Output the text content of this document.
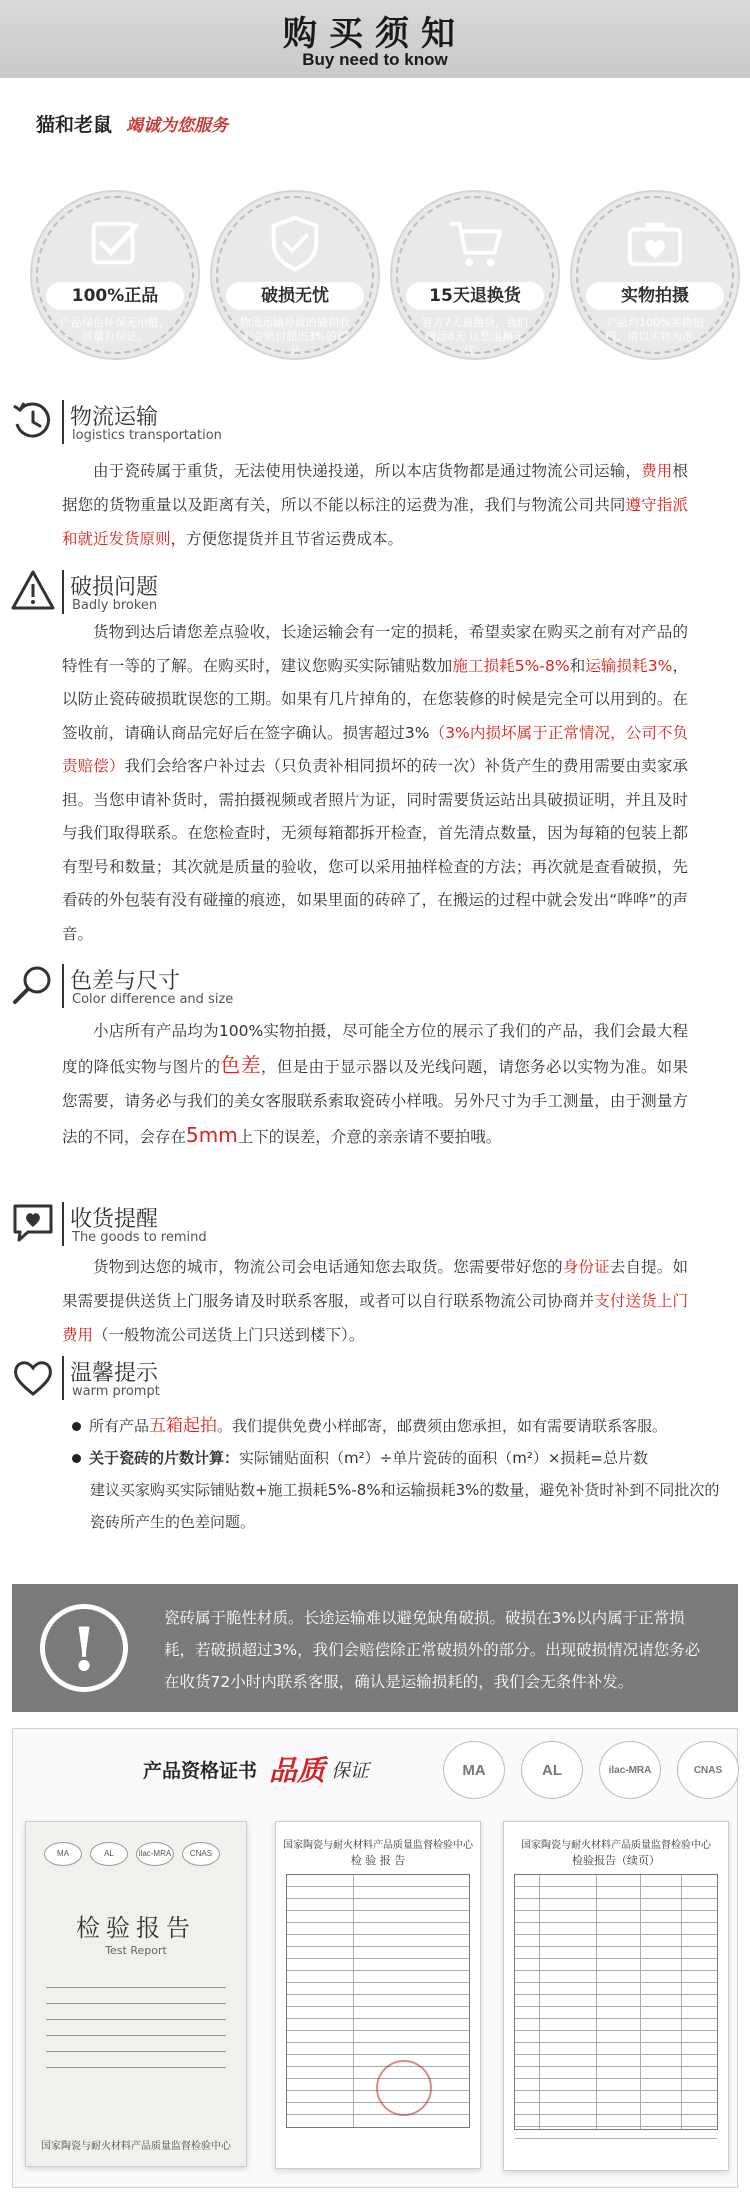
购买须知
Buy need to know
猫和老鼠 竭诚为您服务
100%正品
产品绿色环保无甲醛，质量有保证。
破损无忧
物流运输导致的破损我们会赔付超出3%的部分
15天退换货
官方7天退换货，我们增添8天 让您退换无忧。
实物拍摄
产品均100%实物拍摄，请以实物为准。
物流运输
logistics transportation
由于瓷砖属于重货，无法使用快递投递，所以本店货物都是通过物流公司运输，费用根据您的货物重量以及距离有关，所以不能以标注的运费为准，我们与物流公司共同遵守指派和就近发货原则，方便您提货并且节省运费成本。
破损问题
Badly broken
货物到达后请您差点验收，长途运输会有一定的损耗，希望卖家在购买之前有对产品的特性有一等的了解。在购买时，建议您购买实际铺贴数加施工损耗5%-8%和运输损耗3%，以防止瓷砖破损耽误您的工期。如果有几片掉角的，在您装修的时候是完全可以用到的。在签收前，请确认商品完好后在签字确认。损害超过3%（3%内损坏属于正常情况，公司不负责赔偿）我们会给客户补过去（只负责补相同损坏的砖一次）补货产生的费用需要由卖家承担。当您申请补货时，需拍摄视频或者照片为证，同时需要货运站出具破损证明，并且及时与我们取得联系。在您检查时，无须每箱都拆开检查，首先清点数量，因为每箱的包装上都有型号和数量；其次就是质量的验收，您可以采用抽样检查的方法；再次就是查看破损，先看砖的外包装有没有碰撞的痕迹，如果里面的砖碎了，在搬运的过程中就会发出“哗哗”的声音。
色差与尺寸
Color difference and size
小店所有产品均为100%实物拍摄，尽可能全方位的展示了我们的产品，我们会最大程度的降低实物与图片的色差，但是由于显示器以及光线问题，请您务必以实物为准。如果您需要，请务必与我们的美女客服联系索取瓷砖小样哦。另外尺寸为手工测量，由于测量方法的不同，会存在5mm上下的误差，介意的亲亲请不要拍哦。
收货提醒
The goods to remind
货物到达您的城市，物流公司会电话通知您去取货。您需要带好您的身份证去自提。如果需要提供送货上门服务请及时联系客服，或者可以自行联系物流公司协商并支付送货上门费用（一般物流公司送货上门只送到楼下）。
温馨提示
warm prompt
所有产品五箱起拍。我们提供免费小样邮寄，邮费须由您承担，如有需要请联系客服。
关于瓷砖的片数计算：实际铺贴面积（m²）÷单片瓷砖的面积（m²）×损耗=总片数
建议买家购买实际铺贴数+施工损耗5%-8%和运输损耗3%的数量，避免补货时补到不同批次的瓷砖所产生的色差问题。
!	瓷砖属于脆性材质。长途运输难以避免缺角破损。破损在3%以内属于正常损耗，若破损超过3%，我们会赔偿除正常破损外的部分。出现破损情况请您务必在收货72小时内联系客服，确认是运输损耗的，我们会无条件补发。
产品资格证书 品质 保证	MA	AL	ilac-MRA	CNAS
MA	AL	ilac-MRA	CNAS
检验报告
Test Report
国家陶瓷与耐火材料产品质量监督检验中心
国家陶瓷与耐火材料产品质量监督检验中心
检 验 报 告
国家陶瓷与耐火材料产品质量监督检验中心
检验报告（续页）
